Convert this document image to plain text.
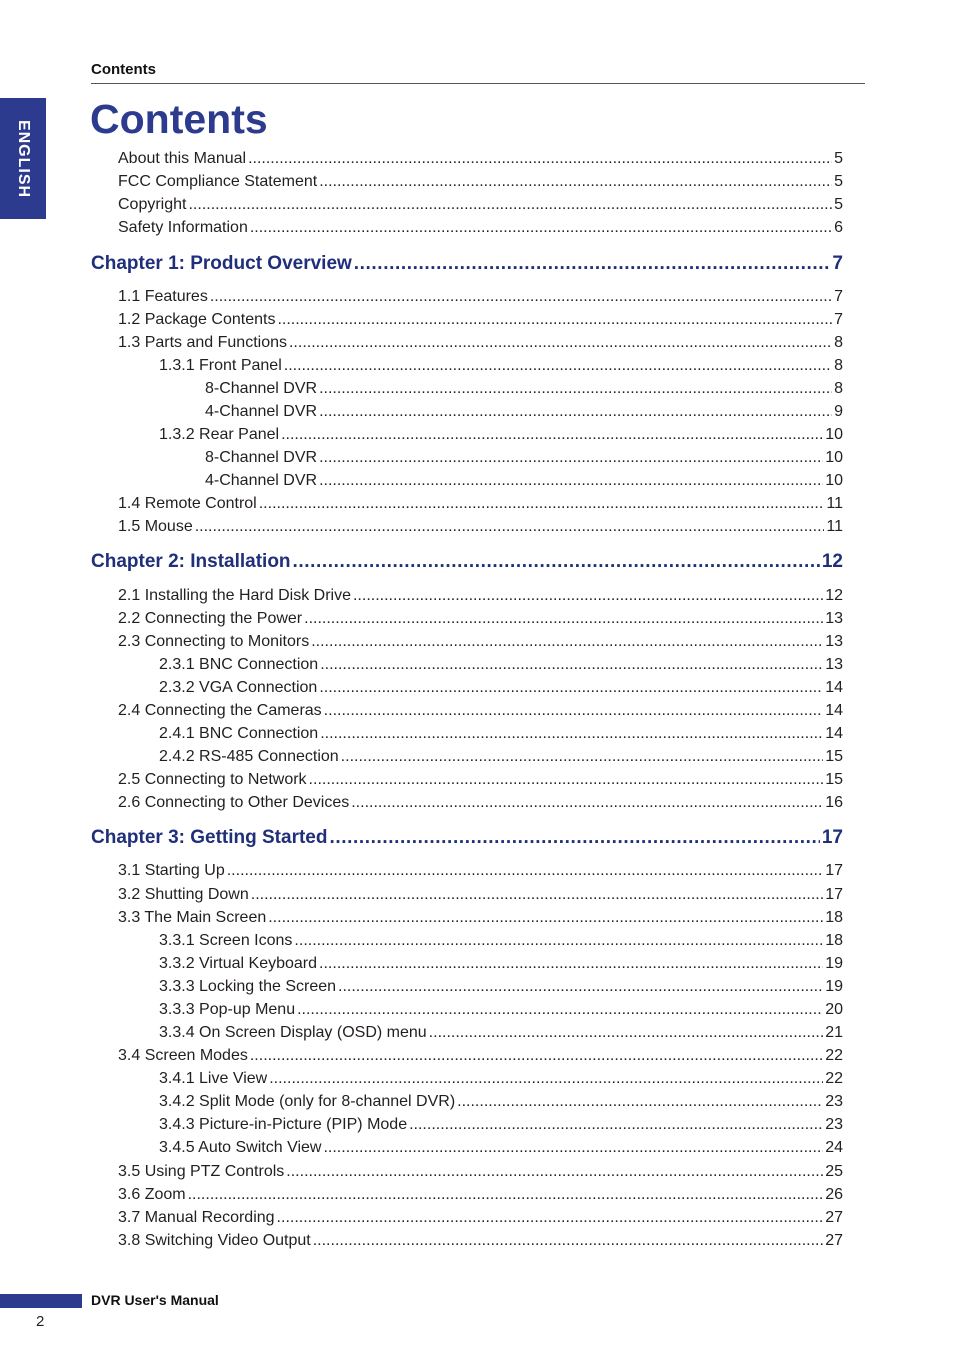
ENGLISH
Contents
Contents
About this Manual .....	5
FCC Compliance Statement .....	5
Copyright .....	5
Safety Information .....	6
Chapter 1: Product Overview .....	7
1.1 Features .....	7
1.2 Package Contents .....	7
1.3 Parts and Functions .....	8
1.3.1 Front Panel .....	8
8-Channel DVR .....	8
4-Channel DVR .....	9
1.3.2 Rear Panel .....	10
8-Channel DVR .....	10
4-Channel DVR .....	10
1.4 Remote Control .....	11
1.5 Mouse .....	11
Chapter 2: Installation .....	12
2.1 Installing the Hard Disk Drive .....	12
2.2 Connecting the Power .....	13
2.3 Connecting to Monitors .....	13
2.3.1 BNC Connection .....	13
2.3.2 VGA Connection .....	14
2.4 Connecting the Cameras .....	14
2.4.1 BNC Connection .....	14
2.4.2 RS-485 Connection .....	15
2.5 Connecting to Network .....	15
2.6 Connecting to Other Devices .....	16
Chapter 3: Getting Started .....	17
3.1 Starting Up .....	17
3.2 Shutting Down .....	17
3.3 The Main Screen .....	18
3.3.1 Screen Icons .....	18
3.3.2 Virtual Keyboard .....	19
3.3.3 Locking the Screen .....	19
3.3.3 Pop-up Menu .....	20
3.3.4 On Screen Display (OSD) menu .....	21
3.4 Screen Modes .....	22
3.4.1 Live View .....	22
3.4.2 Split Mode (only for 8-channel DVR) .....	23
3.4.3 Picture-in-Picture (PIP) Mode .....	23
3.4.5 Auto Switch View .....	24
3.5 Using PTZ Controls .....	25
3.6 Zoom .....	26
3.7 Manual Recording .....	27
3.8 Switching Video Output .....	27
DVR User's Manual
2
